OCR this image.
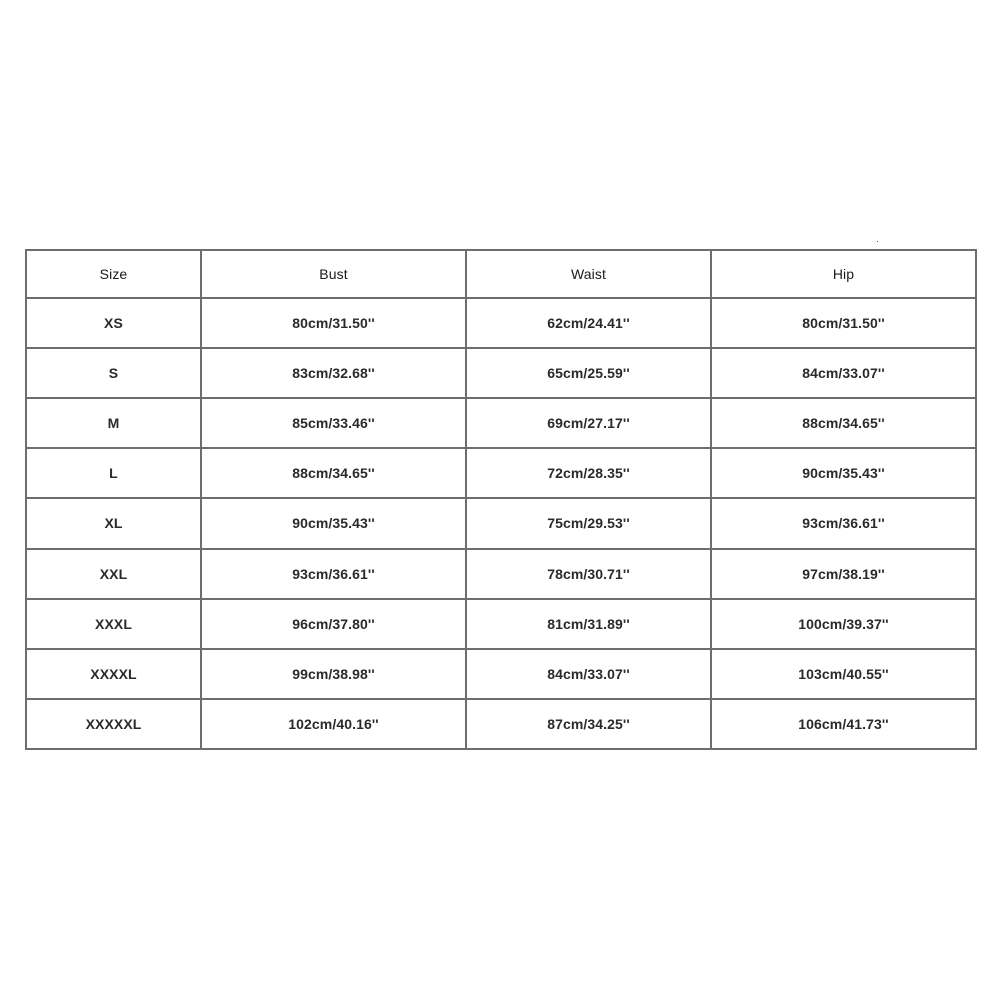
Size	Bust	Waist	Hip
XS	80cm/31.50''	62cm/24.41''	80cm/31.50''
S	83cm/32.68''	65cm/25.59''	84cm/33.07''
M	85cm/33.46''	69cm/27.17''	88cm/34.65''
L	88cm/34.65''	72cm/28.35''	90cm/35.43''
XL	90cm/35.43''	75cm/29.53''	93cm/36.61''
XXL	93cm/36.61''	78cm/30.71''	97cm/38.19''
XXXL	96cm/37.80''	81cm/31.89''	100cm/39.37''
XXXXL	99cm/38.98''	84cm/33.07''	103cm/40.55''
XXXXXL	102cm/40.16''	87cm/34.25''	106cm/41.73''
